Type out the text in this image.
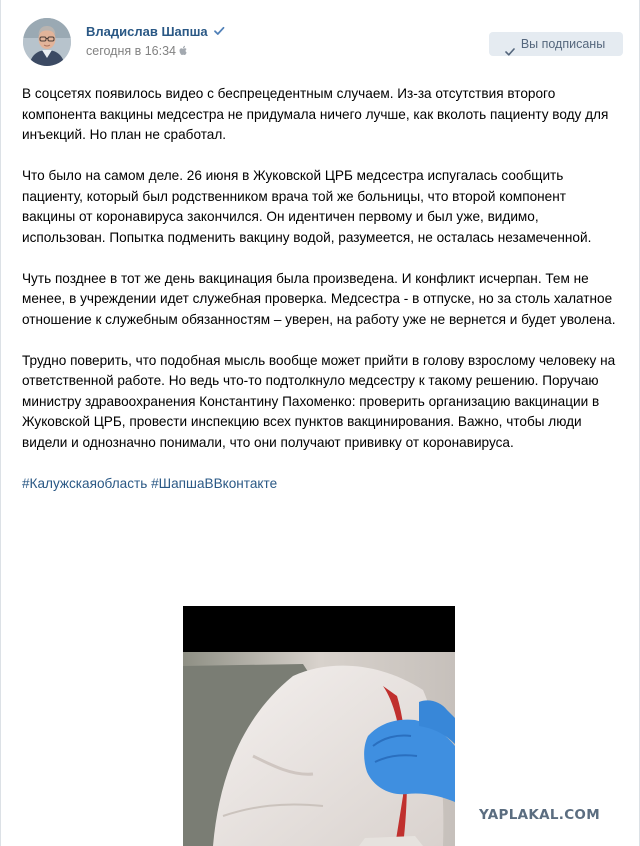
Владислав Шапша
сегодня в 16:34	Вы подписаны

В соцсетях появилось видео с беспрецедентным случаем. Из-за отсутствия второго компонента вакцины медсестра не придумала ничего лучше, как вколоть пациенту воду для инъекций. Но план не сработал.

Что было на самом деле. 26 июня в Жуковской ЦРБ медсестра испугалась сообщить пациенту, который был родственником врача той же больницы, что второй компонент вакцины от коронавируса закончился. Он идентичен первому и был уже, видимо, использован. Попытка подменить вакцину водой, разумеется, не осталась незамеченной.

Чуть позднее в тот же день вакцинация была произведена. И конфликт исчерпан. Тем не менее, в учреждении идет служебная проверка. Медсестра - в отпуске, но за столь халатное отношение к служебным обязанностям – уверен, на работу уже не вернется и будет уволена.

Трудно поверить, что подобная мысль вообще может прийти в голову взрослому человеку на ответственной работе. Но ведь что-то подтолкнуло медсестру к такому решению. Поручаю министру здравоохранения Константину Пахоменко: проверить организацию вакцинации в Жуковской ЦРБ, провести инспекцию всех пунктов вакцинирования. Важно, чтобы люди видели и однозначно понимали, что они получают прививку от коронавируса.

#Калужскаяобласть #ШапшаВВконтакте

YAPLAKAL.COM
